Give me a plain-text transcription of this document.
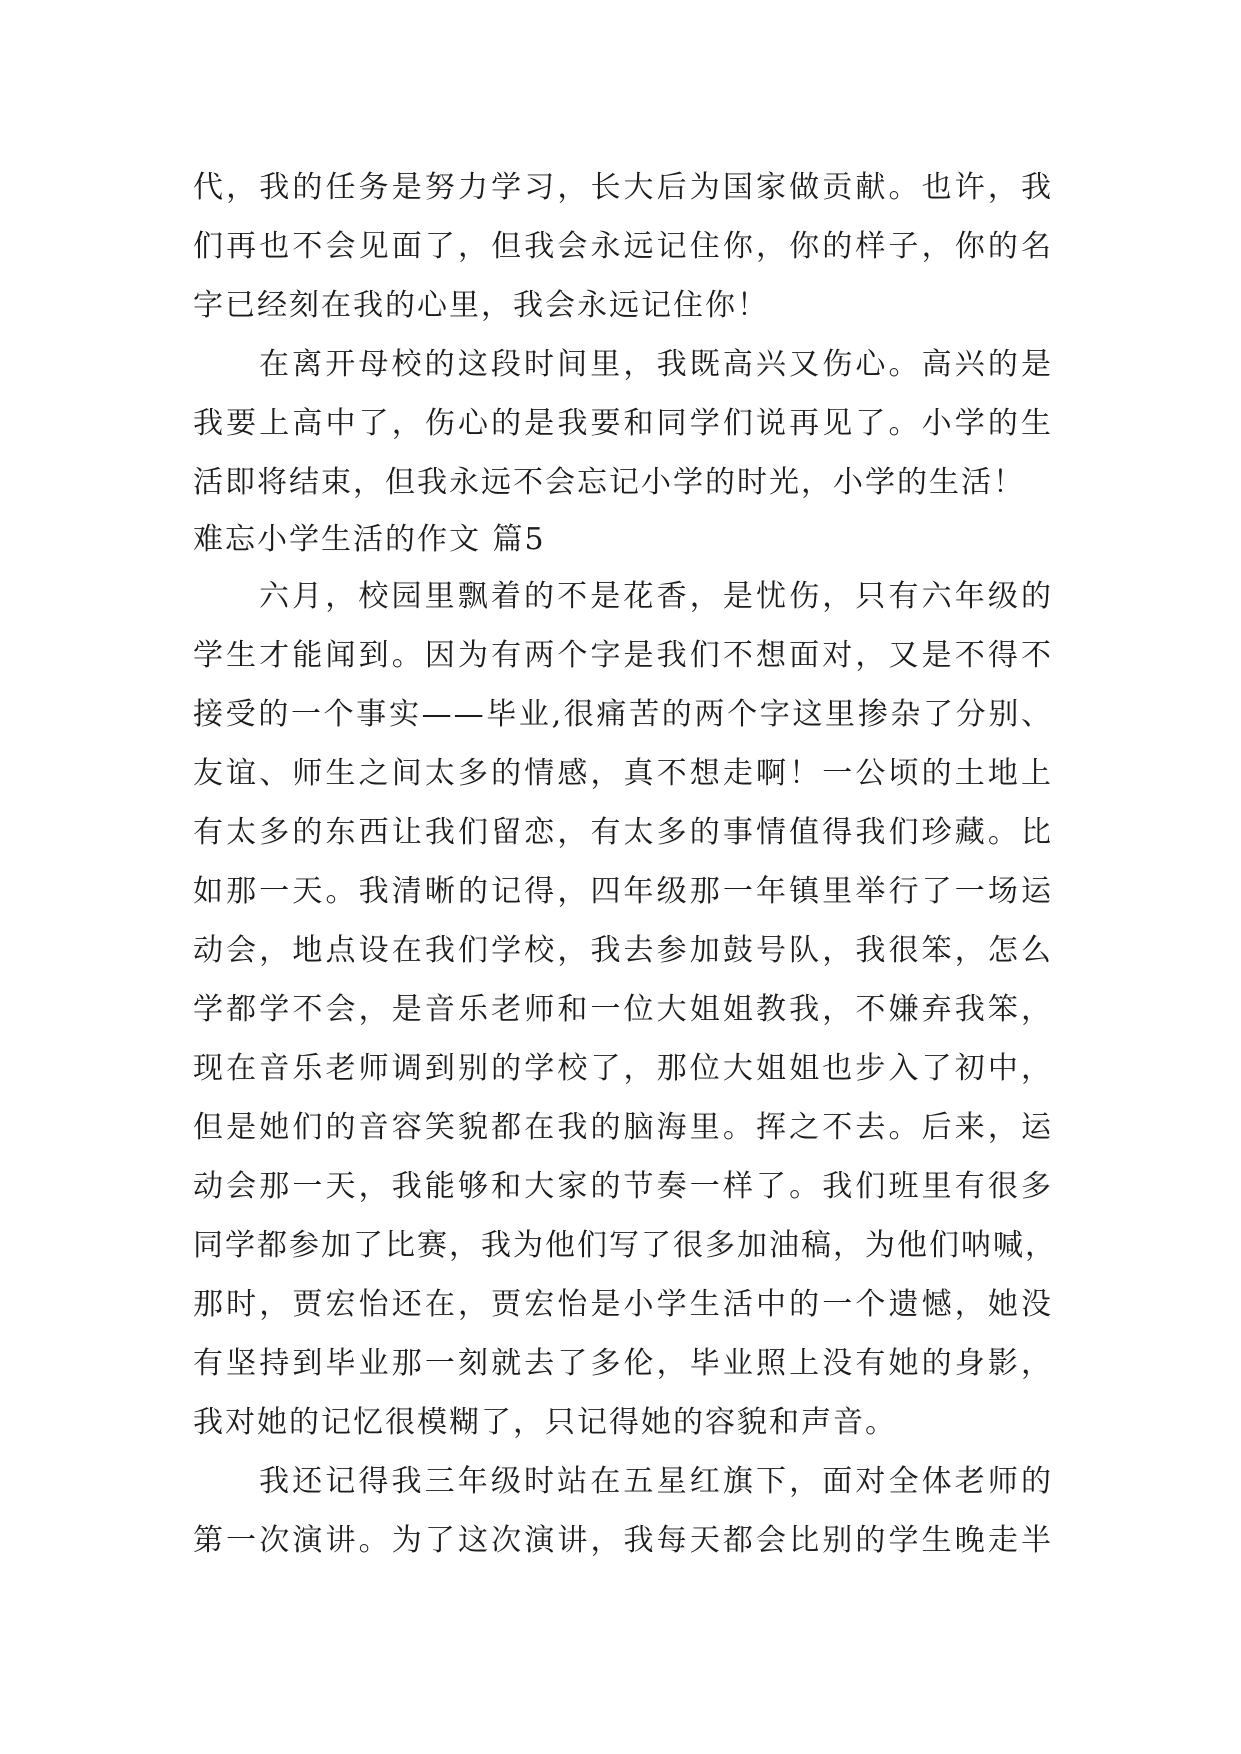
代，我的任务是努力学习，长大后为国家做贡献。也许，我
们再也不会见面了，但我会永远记住你，你的样子，你的名
字已经刻在我的心里，我会永远记住你！
在离开母校的这段时间里，我既高兴又伤心。高兴的是
我要上高中了，伤心的是我要和同学们说再见了。小学的生
活即将结束，但我永远不会忘记小学的时光，小学的生活！
难忘小学生活的作文 篇5
六月，校园里飘着的不是花香，是忧伤，只有六年级的
学生才能闻到。因为有两个字是我们不想面对，又是不得不
接受的一个事实——毕业,很痛苦的两个字这里掺杂了分别、
友谊、师生之间太多的情感，真不想走啊！一公顷的土地上
有太多的东西让我们留恋，有太多的事情值得我们珍藏。比
如那一天。我清晰的记得，四年级那一年镇里举行了一场运
动会，地点设在我们学校，我去参加鼓号队，我很笨，怎么
学都学不会，是音乐老师和一位大姐姐教我，不嫌弃我笨，
现在音乐老师调到别的学校了，那位大姐姐也步入了初中，
但是她们的音容笑貌都在我的脑海里。挥之不去。后来，运
动会那一天，我能够和大家的节奏一样了。我们班里有很多
同学都参加了比赛，我为他们写了很多加油稿，为他们呐喊，
那时，贾宏怡还在，贾宏怡是小学生活中的一个遗憾，她没
有坚持到毕业那一刻就去了多伦，毕业照上没有她的身影，
我对她的记忆很模糊了，只记得她的容貌和声音。
我还记得我三年级时站在五星红旗下，面对全体老师的
第一次演讲。为了这次演讲，我每天都会比别的学生晚走半
